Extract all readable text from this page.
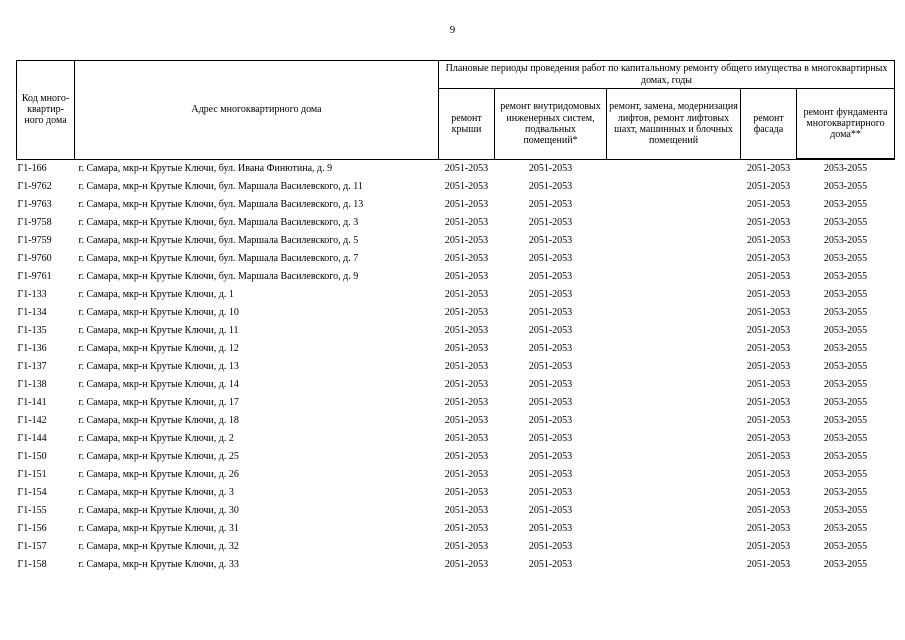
9
Код много-квартир-ного дома	Адрес многоквартирного дома	Плановые периоды проведения работ по капитальному ремонту общего имущества в многоквартирных домах, годы				
		ремонт крыши	ремонт внутридомовых инженерных систем, подвальных помещений*	ремонт, замена, модернизация лифтов, ремонт лифтовых шахт, машинных и блочных помещений	ремонт фасада	ремонт фундамента многоквартирного дома**
Г1-166	г. Самара, мкр-н Крутые Ключи, бул. Ивана Финютина, д. 9	2051-2053	2051-2053		2051-2053	2053-2055
Г1-9762	г. Самара, мкр-н Крутые Ключи, бул. Маршала Василевского, д. 11	2051-2053	2051-2053		2051-2053	2053-2055
Г1-9763	г. Самара, мкр-н Крутые Ключи, бул. Маршала Василевского, д. 13	2051-2053	2051-2053		2051-2053	2053-2055
Г1-9758	г. Самара, мкр-н Крутые Ключи, бул. Маршала Василевского, д. 3	2051-2053	2051-2053		2051-2053	2053-2055
Г1-9759	г. Самара, мкр-н Крутые Ключи, бул. Маршала Василевского, д. 5	2051-2053	2051-2053		2051-2053	2053-2055
Г1-9760	г. Самара, мкр-н Крутые Ключи, бул. Маршала Василевского, д. 7	2051-2053	2051-2053		2051-2053	2053-2055
Г1-9761	г. Самара, мкр-н Крутые Ключи, бул. Маршала Василевского, д. 9	2051-2053	2051-2053		2051-2053	2053-2055
Г1-133	г. Самара, мкр-н Крутые Ключи, д. 1	2051-2053	2051-2053		2051-2053	2053-2055
Г1-134	г. Самара, мкр-н Крутые Ключи, д. 10	2051-2053	2051-2053		2051-2053	2053-2055
Г1-135	г. Самара, мкр-н Крутые Ключи, д. 11	2051-2053	2051-2053		2051-2053	2053-2055
Г1-136	г. Самара, мкр-н Крутые Ключи, д. 12	2051-2053	2051-2053		2051-2053	2053-2055
Г1-137	г. Самара, мкр-н Крутые Ключи, д. 13	2051-2053	2051-2053		2051-2053	2053-2055
Г1-138	г. Самара, мкр-н Крутые Ключи, д. 14	2051-2053	2051-2053		2051-2053	2053-2055
Г1-141	г. Самара, мкр-н Крутые Ключи, д. 17	2051-2053	2051-2053		2051-2053	2053-2055
Г1-142	г. Самара, мкр-н Крутые Ключи, д. 18	2051-2053	2051-2053		2051-2053	2053-2055
Г1-144	г. Самара, мкр-н Крутые Ключи, д. 2	2051-2053	2051-2053		2051-2053	2053-2055
Г1-150	г. Самара, мкр-н Крутые Ключи, д. 25	2051-2053	2051-2053		2051-2053	2053-2055
Г1-151	г. Самара, мкр-н Крутые Ключи, д. 26	2051-2053	2051-2053		2051-2053	2053-2055
Г1-154	г. Самара, мкр-н Крутые Ключи, д. 3	2051-2053	2051-2053		2051-2053	2053-2055
Г1-155	г. Самара, мкр-н Крутые Ключи, д. 30	2051-2053	2051-2053		2051-2053	2053-2055
Г1-156	г. Самара, мкр-н Крутые Ключи, д. 31	2051-2053	2051-2053		2051-2053	2053-2055
Г1-157	г. Самара, мкр-н Крутые Ключи, д. 32	2051-2053	2051-2053		2051-2053	2053-2055
Г1-158	г. Самара, мкр-н Крутые Ключи, д. 33	2051-2053	2051-2053		2051-2053	2053-2055
